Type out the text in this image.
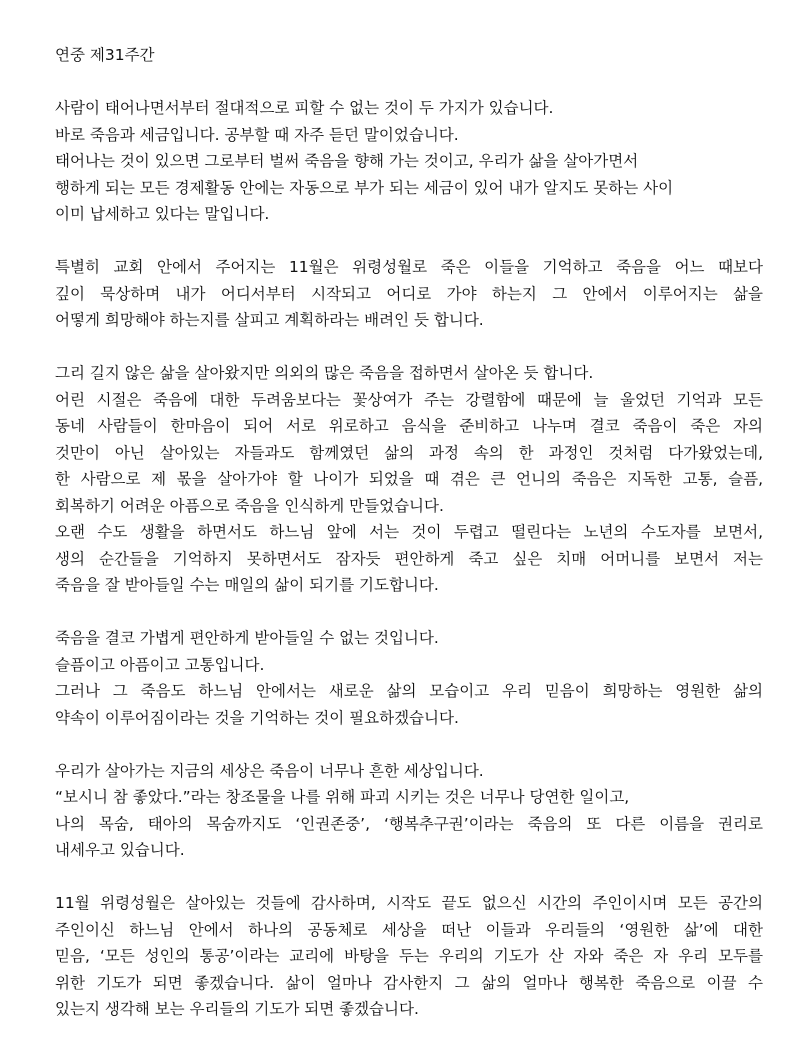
연중 제31주간
사람이 태어나면서부터 절대적으로 피할 수 없는 것이 두 가지가 있습니다.
바로 죽음과 세금입니다. 공부할 때 자주 듣던 말이었습니다.
태어나는 것이 있으면 그로부터 벌써 죽음을 향해 가는 것이고, 우리가 삶을 살아가면서
행하게 되는 모든 경제활동 안에는 자동으로 부가 되는 세금이 있어 내가 알지도 못하는 사이
이미 납세하고 있다는 말입니다.
특별히 교회 안에서 주어지는 11월은 위령성월로 죽은 이들을 기억하고 죽음을 어느 때보다
깊이 묵상하며 내가 어디서부터 시작되고 어디로 가야 하는지 그 안에서 이루어지는 삶을
어떻게 희망해야 하는지를 살피고 계획하라는 배려인 듯 합니다.
그리 길지 않은 삶을 살아왔지만 의외의 많은 죽음을 접하면서 살아온 듯 합니다.
어린 시절은 죽음에 대한 두려움보다는 꽃상여가 주는 강렬함에 때문에 늘 울었던 기억과 모든
동네 사람들이 한마음이 되어 서로 위로하고 음식을 준비하고 나누며 결코 죽음이 죽은 자의
것만이 아닌 살아있는 자들과도 함께였던 삶의 과정 속의 한 과정인 것처럼 다가왔었는데,
한 사람으로 제 몫을 살아가야 할 나이가 되었을 때 겪은 큰 언니의 죽음은 지독한 고통, 슬픔,
회복하기 어려운 아픔으로 죽음을 인식하게 만들었습니다.
오랜 수도 생활을 하면서도 하느님 앞에 서는 것이 두렵고 떨린다는 노년의 수도자를 보면서,
생의 순간들을 기억하지 못하면서도 잠자듯 편안하게 죽고 싶은 치매 어머니를 보면서 저는
죽음을 잘 받아들일 수는 매일의 삶이 되기를 기도합니다.
죽음을 결코 가볍게 편안하게 받아들일 수 없는 것입니다.
슬픔이고 아픔이고 고통입니다.
그러나 그 죽음도 하느님 안에서는 새로운 삶의 모습이고 우리 믿음이 희망하는 영원한 삶의
약속이 이루어짐이라는 것을 기억하는 것이 필요하겠습니다.
우리가 살아가는 지금의 세상은 죽음이 너무나 흔한 세상입니다.
“보시니 참 좋았다.”라는 창조물을 나를 위해 파괴 시키는 것은 너무나 당연한 일이고,
나의 목숨, 태아의 목숨까지도 ‘인권존중’, ‘행복추구권’이라는 죽음의 또 다른 이름을 권리로
내세우고 있습니다.
11월 위령성월은 살아있는 것들에 감사하며, 시작도 끝도 없으신 시간의 주인이시며 모든 공간의
주인이신 하느님 안에서 하나의 공동체로 세상을 떠난 이들과 우리들의 ‘영원한 삶’에 대한
믿음, ‘모든 성인의 통공’이라는 교리에 바탕을 두는 우리의 기도가 산 자와 죽은 자 우리 모두를
위한 기도가 되면 좋겠습니다. 삶이 얼마나 감사한지 그 삶의 얼마나 행복한 죽음으로 이끌 수
있는지 생각해 보는 우리들의 기도가 되면 좋겠습니다.
